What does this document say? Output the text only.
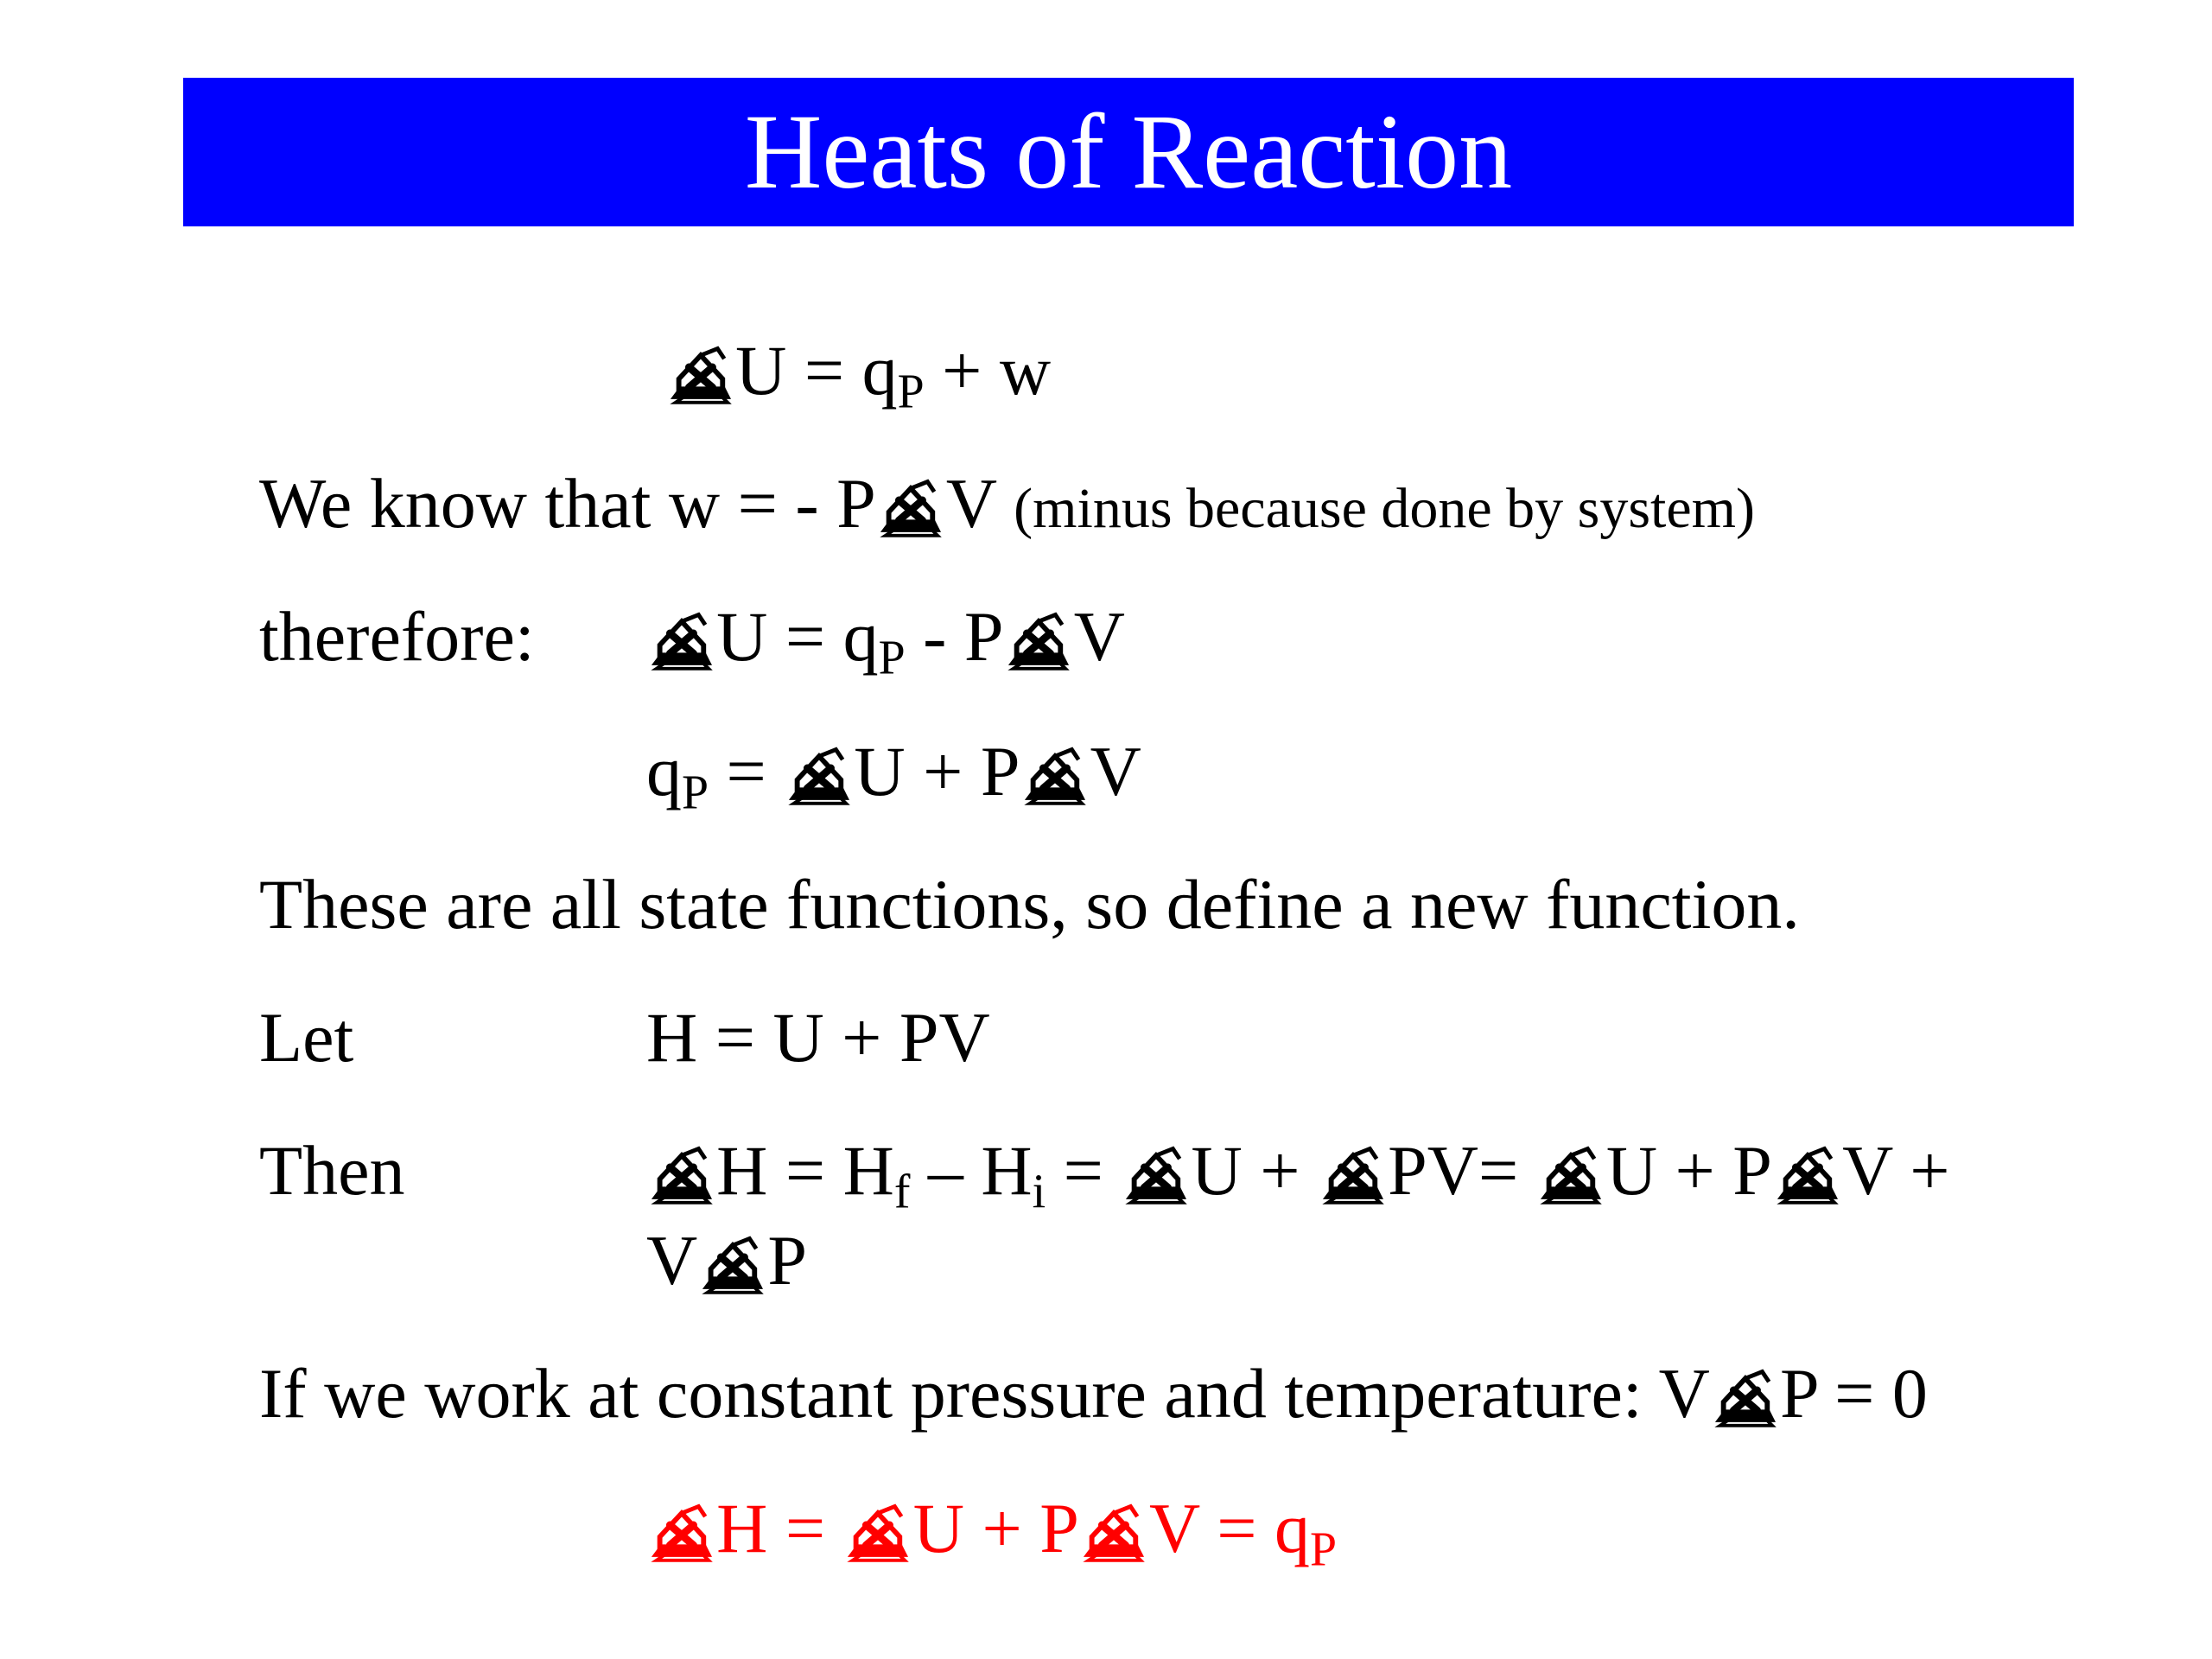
Heats of Reaction
$U = q_P + w$
We know that w = - P V (minus because done by system)
therefore:	$U = q_P - P$ V
$q_P$ =
U + P V
These are all state functions, so define a new function.
Let	H = U + PV
Then	$H = H_f - H_i$ =
U +
PV=
U + P V +
V P
If we work at constant pressure and temperature: V P = 0
H =
U + P $V = q_P$
